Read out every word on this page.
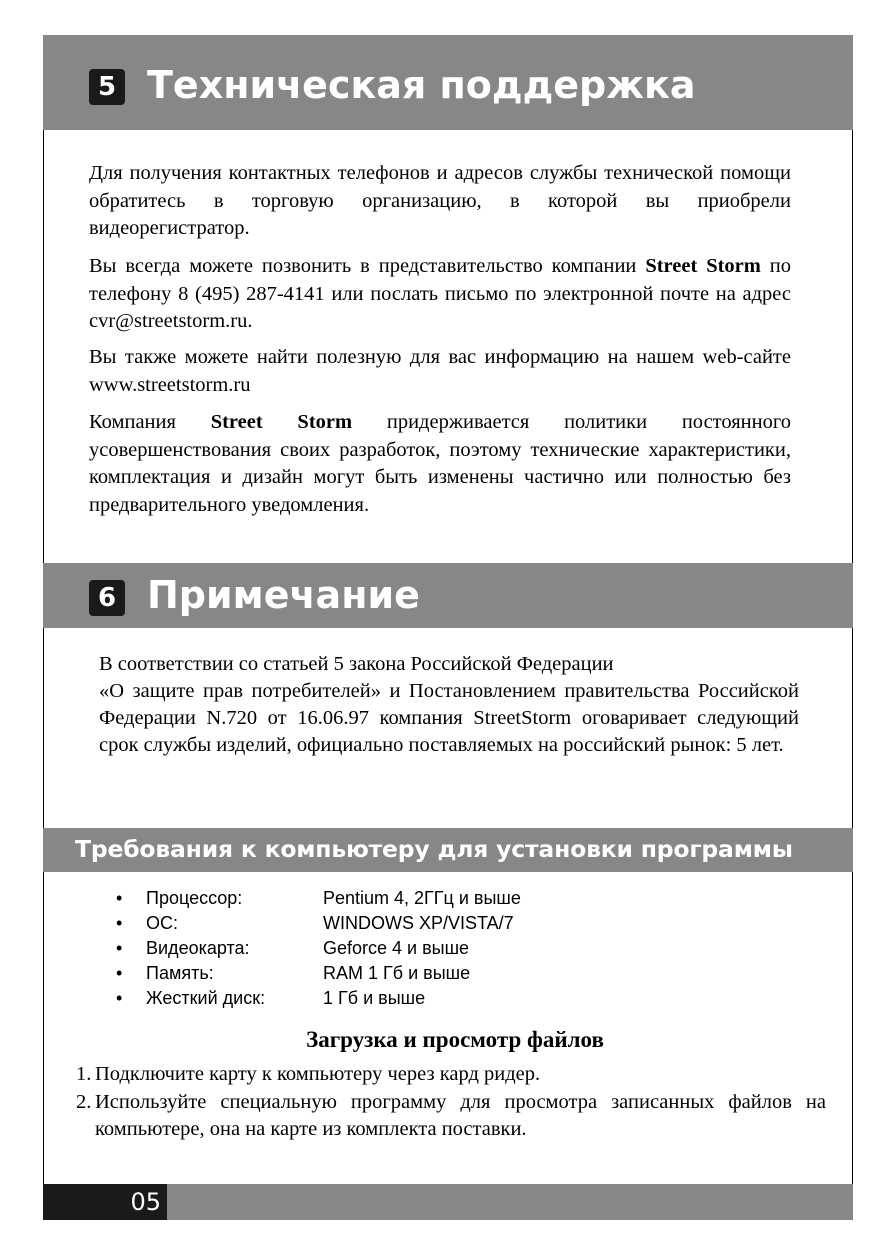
5 Техническая поддержка

Для получения контактных телефонов и адресов службы технической помощи обратитесь в торговую организацию, в которой вы приобрели видеорегистратор.

Вы всегда можете позвонить в представительство компании Street Storm по телефону 8 (495) 287-4141 или послать письмо по электронной почте на адрес cvr@streetstorm.ru.

Вы также можете найти полезную для вас информацию на нашем web-сайте www.streetstorm.ru

Компания Street Storm придерживается политики постоянного усовершенствования своих разработок, поэтому технические характеристики, комплектация и дизайн могут быть изменены частично или полностью без предварительного уведомления.

6 Примечание

В соответствии со статьей 5 закона Российской Федерации
«О защите прав потребителей» и Постановлением правительства Российской Федерации N.720 от 16.06.97 компания StreetStorm оговаривает следующий срок службы изделий, официально поставляемых на российский рынок: 5 лет.

Требования к компьютеру для установки программы
•	Процессор:	Pentium 4, 2ГГц и выше
•	ОС:	WINDOWS XP/VISTA/7
•	Видеокарта:	Geforce 4 и выше
•	Память:	RAM 1 Гб и выше
•	Жесткий диск:	1 Гб и выше
Загрузка и просмотр файлов
1. Подключите карту к компьютеру через кард ридер.
2. Используйте специальную программу для просмотра записанных файлов на компьютере, она на карте из комплекта поставки.
05
